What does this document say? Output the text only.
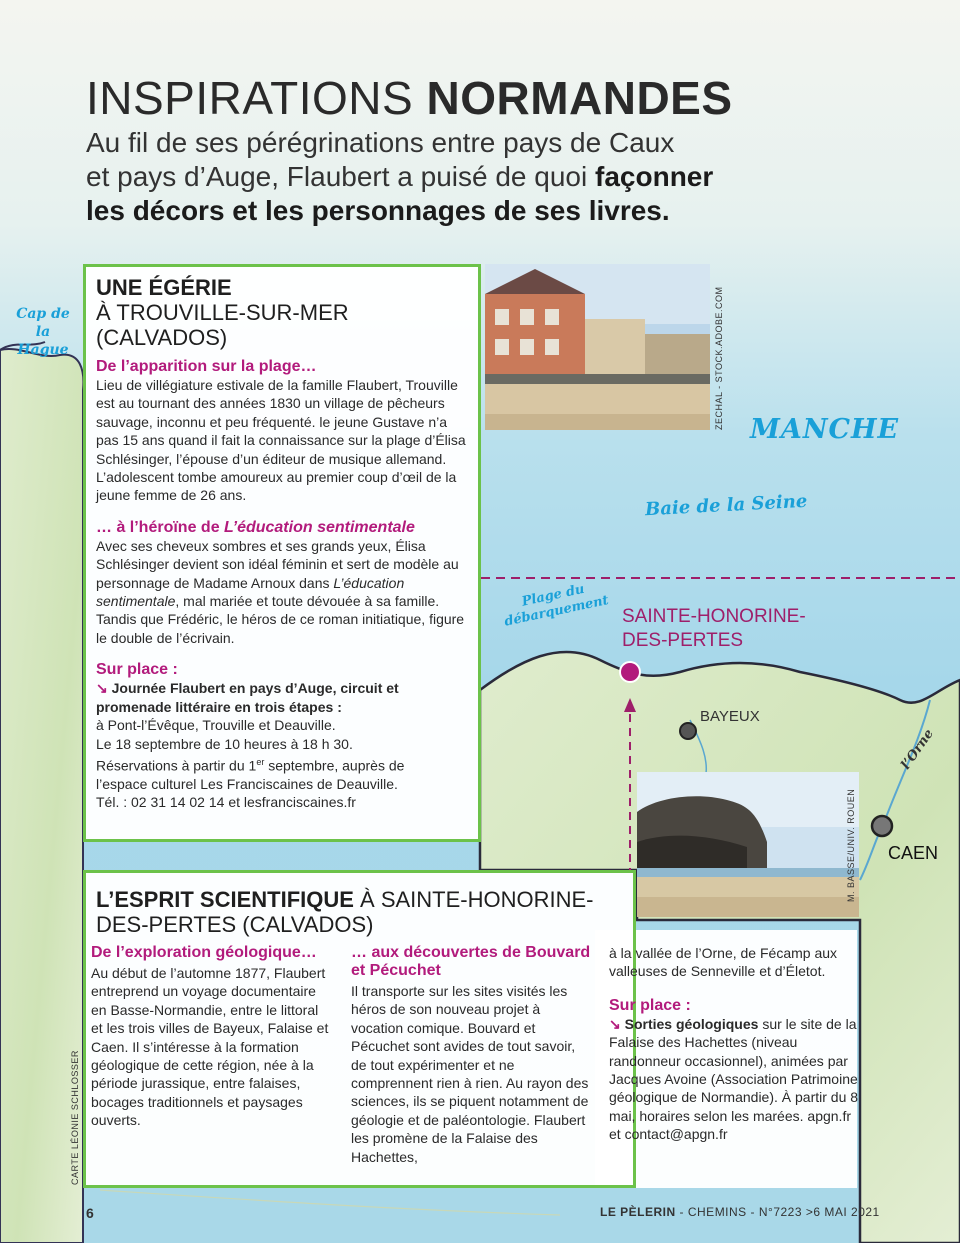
INSPIRATIONS NORMANDES
Au fil de ses pérégrinations entre pays de Caux
et pays d’Auge, Flaubert a puisé de quoi façonner
les décors et les personnages de ses livres.
Cap de la Hague
MANCHE
Baie de la Seine
Plage du débarquement SAINTE-HONORINE-
DES-PERTES
BAYEUX
CAEN
l’Orne
ZECHAL - STOCK.ADOBE.COM
M. BASSE/UNIV. ROUEN
UNE ÉGÉRIE
À TROUVILLE-SUR-MER
(CALVADOS)
De l’apparition sur la plage…
Lieu de villégiature estivale de la famille Flaubert, Trouville est au tournant des années 1830 un village de pêcheurs sauvage, inconnu et peu fréquenté. le jeune Gustave n’a pas 15 ans quand il fait la connaissance sur la plage d’Élisa Schlésinger, l’épouse d’un éditeur de musique allemand. L’adolescent tombe amoureux au premier coup d’œil de la jeune femme de 26 ans.
… à l’héroïne de L’éducation sentimentale
Avec ses cheveux sombres et ses grands yeux, Élisa Schlésinger devient son idéal féminin et sert de modèle au personnage de Madame Arnoux dans L’éducation sentimentale, mal mariée et toute dévouée à sa famille. Tandis que Frédéric, le héros de ce roman initiatique, figure le double de l’écrivain.
Sur place :
↘ Journée Flaubert en pays d’Auge, circuit et promenade littéraire en trois étapes :
à Pont-l’Évêque, Trouville et Deauville.
Le 18 septembre de 10 heures à 18 h 30.
Réservations à partir du 1er septembre, auprès de
l’espace culturel Les Franciscaines de Deauville.
Tél. : 02 31 14 02 14 et lesfranciscaines.fr
L’ESPRIT SCIENTIFIQUE À SAINTE-HONORINE-
DES-PERTES (CALVADOS)
De l’exploration géologique…
Au début de l’automne 1877, Flaubert entreprend un voyage documentaire en Basse-Normandie, entre le littoral et les trois villes de Bayeux, Falaise et Caen. Il s’intéresse à la formation géologique de cette région, née à la période jurassique, entre falaises, bocages traditionnels et paysages ouverts.
… aux découvertes de Bouvard et Pécuchet
Il transporte sur les sites visités les héros de son nouveau projet à vocation comique. Bouvard et Pécuchet sont avides de tout savoir, de tout expérimenter et ne comprennent rien à rien. Au rayon des sciences, ils se piquent notamment de géologie et de paléontologie. Flaubert les promène de la Falaise des Hachettes,
à la vallée de l’Orne, de Fécamp aux valleuses de Senneville et d’Életot.
Sur place :
↘ Sorties géologiques sur le site de la Falaise des Hachettes (niveau randonneur occasionnel), animées par Jacques Avoine (Association Patrimoine géologique de Normandie). À partir du 8 mai, horaires selon les marées. apgn.fr et contact@apgn.fr
CARTE LÉONIE SCHLOSSER
6	LE PÈLERIN - CHEMINS - N°7223 >6 MAI 2021
